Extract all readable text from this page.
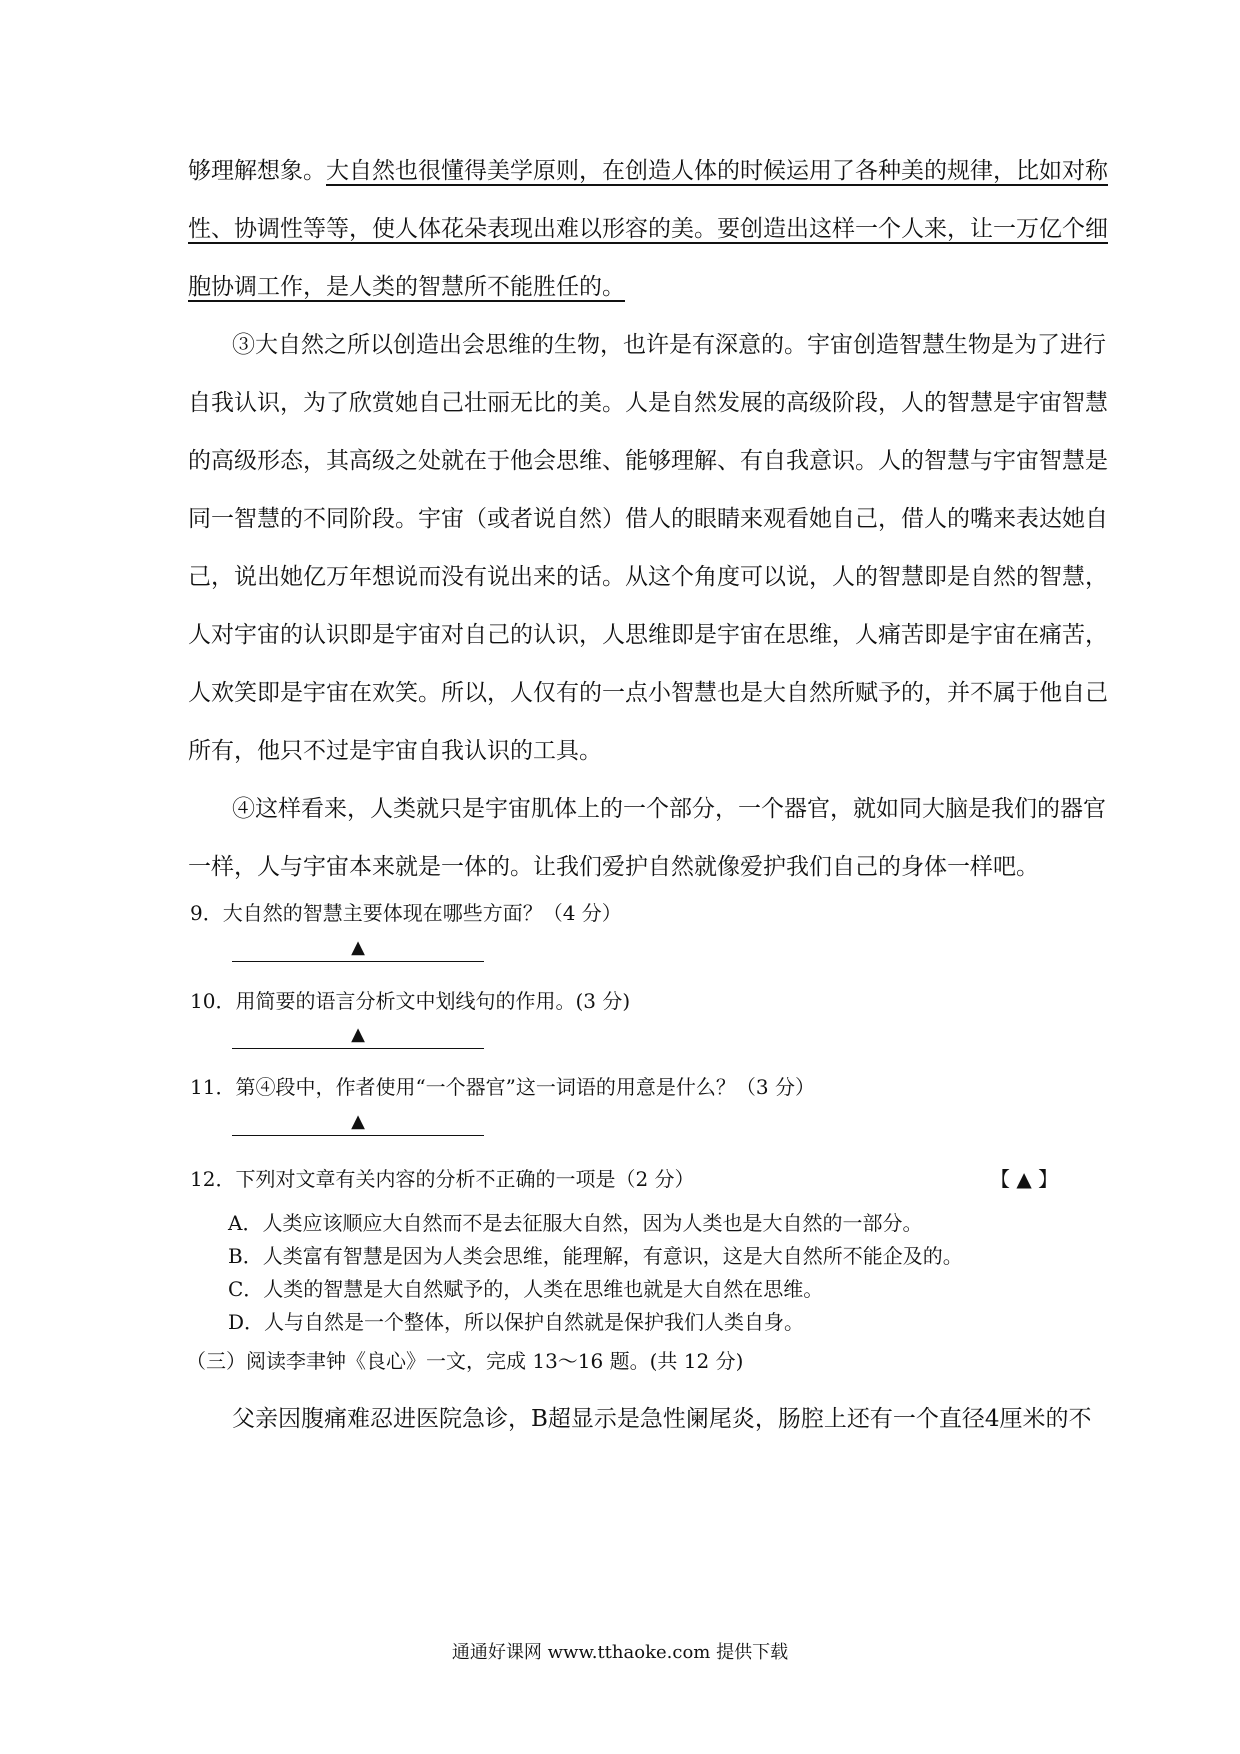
够理解想象。大自然也很懂得美学原则，在创造人体的时候运用了各种美的规律，比如对称
性、协调性等等，使人体花朵表现出难以形容的美。要创造出这样一个人来，让一万亿个细
胞协调工作，是人类的智慧所不能胜任的。
③大自然之所以创造出会思维的生物，也许是有深意的。宇宙创造智慧生物是为了进行
自我认识，为了欣赏她自己壮丽无比的美。人是自然发展的高级阶段，人的智慧是宇宙智慧
的高级形态，其高级之处就在于他会思维、能够理解、有自我意识。人的智慧与宇宙智慧是
同一智慧的不同阶段。宇宙（或者说自然）借人的眼睛来观看她自己，借人的嘴来表达她自
己，说出她亿万年想说而没有说出来的话。从这个角度可以说，人的智慧即是自然的智慧，
人对宇宙的认识即是宇宙对自己的认识，人思维即是宇宙在思维，人痛苦即是宇宙在痛苦，
人欢笑即是宇宙在欢笑。所以，人仅有的一点小智慧也是大自然所赋予的，并不属于他自己
所有，他只不过是宇宙自我认识的工具。
④这样看来，人类就只是宇宙肌体上的一个部分，一个器官，就如同大脑是我们的器官
一样，人与宇宙本来就是一体的。让我们爱护自然就像爱护我们自己的身体一样吧。
9．大自然的智慧主要体现在哪些方面？（4 分）
▲
10．用简要的语言分析文中划线句的作用。(3 分)
▲
11．第④段中，作者使用“一个器官”这一词语的用意是什么？（3 分）
▲
12．下列对文章有关内容的分析不正确的一项是（2 分）	【 ▲ 】
A．人类应该顺应大自然而不是去征服大自然，因为人类也是大自然的一部分。
B．人类富有智慧是因为人类会思维，能理解，有意识，这是大自然所不能企及的。
C．人类的智慧是大自然赋予的，人类在思维也就是大自然在思维。
D．人与自然是一个整体，所以保护自然就是保护我们人类自身。
（三）阅读李聿钟《良心》一文，完成 13～16 题。(共 12 分)
父亲因腹痛难忍进医院急诊，B超显示是急性阑尾炎，肠腔上还有一个直径4厘米的不
通通好课网 www.tthaoke.com 提供下载
